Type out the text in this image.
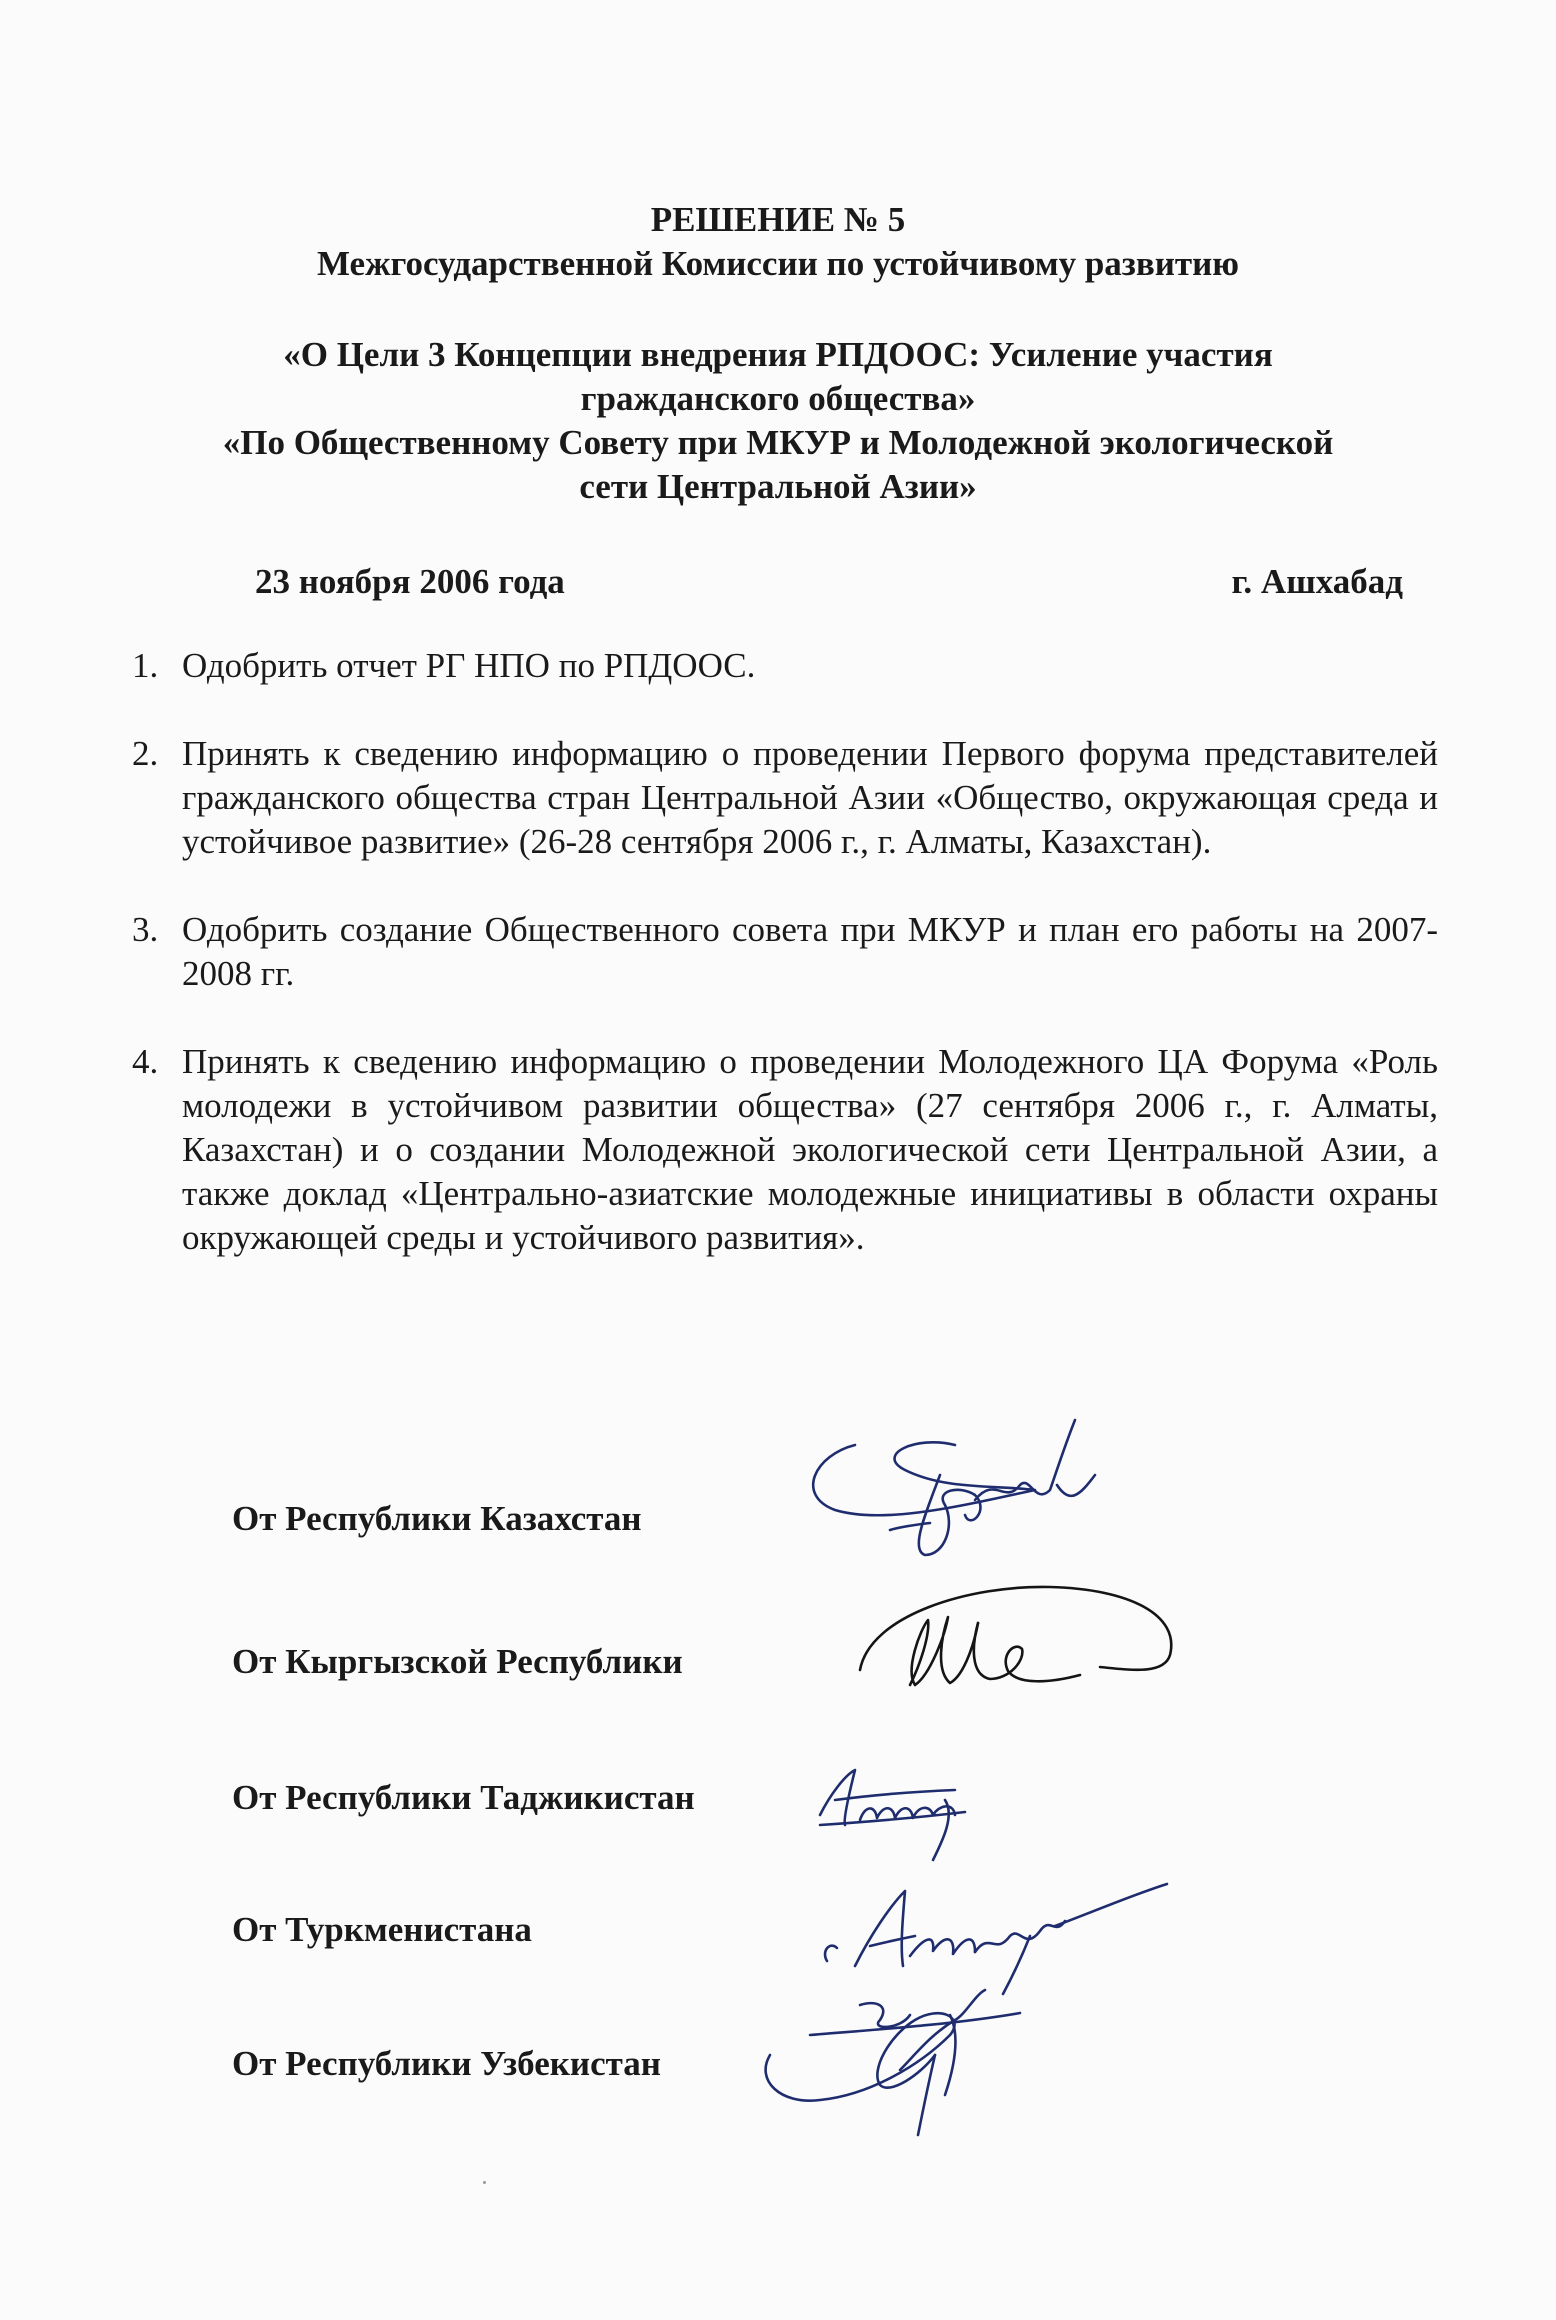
РЕШЕНИЕ № 5
Межгосударственной Комиссии по устойчивому развитию
«О Цели 3 Концепции внедрения РПДООС: Усиление участия
гражданского общества»
«По Общественному Совету при МКУР и Молодежной экологической
сети Центральной Азии»
23 ноября 2006 года	г. Ашхабад
1. Одобрить отчет РГ НПО по РПДООС.
2. Принять к сведению информацию о проведении Первого форума представителей гражданского общества стран Центральной Азии «Общество, окружающая среда и устойчивое развитие» (26-28 сентября 2006 г., г. Алматы, Казахстан).
3. Одобрить создание Общественного совета при МКУР и план его работы на 2007-2008 гг.
4. Принять к сведению информацию о проведении Молодежного ЦА Форума «Роль молодежи в устойчивом развитии общества» (27 сентября 2006 г., г. Алматы, Казахстан) и о создании Молодежной экологической сети Центральной Азии, а также доклад «Центрально-азиатские молодежные инициативы в области охраны окружающей среды и устойчивого развития».
От Республики Казахстан
От Кыргызской Республики
От Республики Таджикистан
От Туркменистана
От Республики Узбекистан
